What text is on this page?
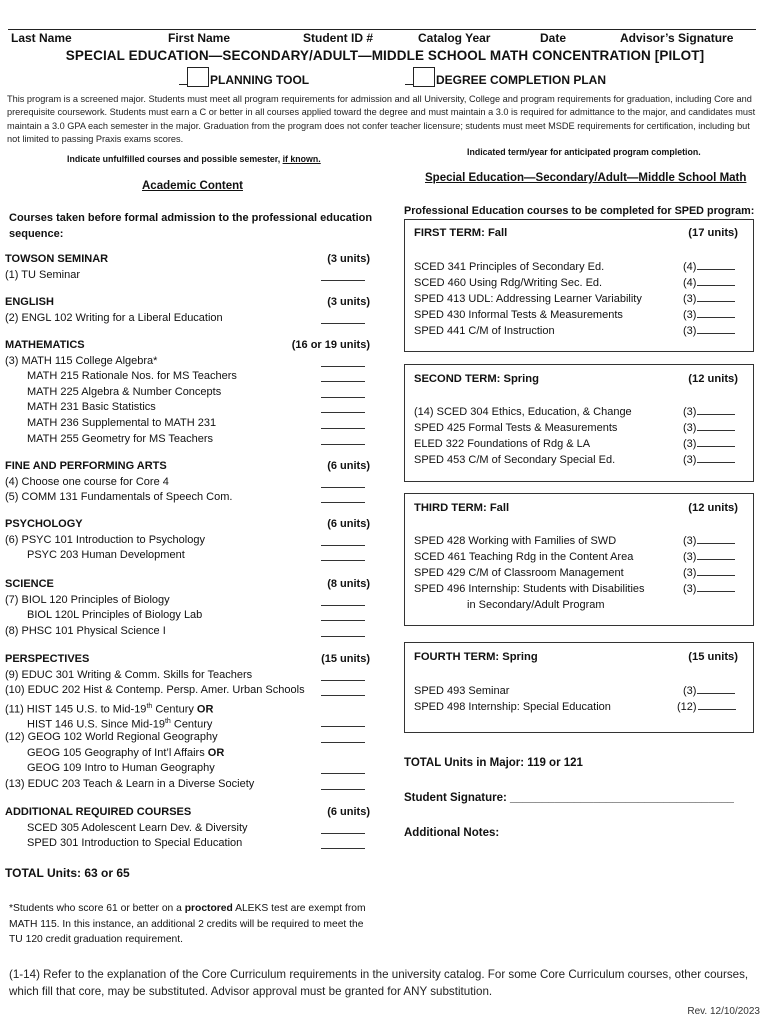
Last Name	First Name	Student ID #	Catalog Year	Date	Advisor’s Signature
SPECIAL EDUCATION—SECONDARY/ADULT—MIDDLE SCHOOL MATH CONCENTRATION [PILOT]
PLANNING TOOL	DEGREE COMPLETION PLAN
This program is a screened major. Students must meet all program requirements for admission and all University, College and program requirements for graduation, including Core and prerequisite coursework. Students must earn a C or better in all courses applied toward the degree and must maintain a 3.0 is required for admittance to the major, and candidates must maintain a 3.0 GPA each semester in the major. Graduation from the program does not confer teacher licensure; students must meet MSDE requirements for certification, including but not limited to passing Praxis exams scores.
Indicate unfulfilled courses and possible semester, if known.
Indicated term/year for anticipated program completion.
Academic Content
Courses taken before formal admission to the professional education
sequence:
TOWSON SEMINAR	(3 units)
(1) TU Seminar
ENGLISH	(3 units)
(2) ENGL 102 Writing for a Liberal Education
MATHEMATICS	(16 or 19 units)
(3) MATH 115 College Algebra*
MATH 215 Rationale Nos. for MS Teachers
MATH 225 Algebra & Number Concepts
MATH 231 Basic Statistics
MATH 236 Supplemental to MATH 231
MATH 255 Geometry for MS Teachers
FINE AND PERFORMING ARTS	(6 units)
(4) Choose one course for Core 4
(5) COMM 131 Fundamentals of Speech Com.
PSYCHOLOGY	(6 units)
(6) PSYC 101 Introduction to Psychology
PSYC 203 Human Development
SCIENCE	(8 units)
(7) BIOL 120 Principles of Biology
BIOL 120L Principles of Biology Lab
(8) PHSC 101 Physical Science I
PERSPECTIVES	(15 units)
(9) EDUC 301 Writing & Comm. Skills for Teachers
(10) EDUC 202 Hist & Contemp. Persp. Amer. Urban Schools
(11) HIST 145 U.S. to Mid-19th Century OR
HIST 146 U.S. Since Mid-19th Century
(12) GEOG 102 World Regional Geography
GEOG 105 Geography of Int’l Affairs OR
GEOG 109 Intro to Human Geography
(13) EDUC 203 Teach & Learn in a Diverse Society
ADDITIONAL REQUIRED COURSES	(6 units)
SCED 305 Adolescent Learn Dev. & Diversity
SPED 301 Introduction to Special Education
TOTAL Units: 63 or 65
*Students who score 61 or better on a proctored ALEKS test are exempt from MATH 115. In this instance, an additional 2 credits will be required to meet the TU 120 credit graduation requirement.
Special Education—Secondary/Adult—Middle School Math
Professional Education courses to be completed for SPED program:
FIRST TERM: Fall	(17 units)
SCED 341 Principles of Secondary Ed.	(4)
SCED 460 Using Rdg/Writing Sec. Ed.	(4)
SPED 413 UDL: Addressing Learner Variability	(3)
SPED 430 Informal Tests & Measurements	(3)
SPED 441 C/M of Instruction	(3)
SECOND TERM: Spring	(12 units)
(14) SCED 304 Ethics, Education, & Change	(3)
SPED 425 Formal Tests & Measurements	(3)
ELED 322 Foundations of Rdg & LA	(3)
SPED 453 C/M of Secondary Special Ed.	(3)
THIRD TERM: Fall	(12 units)
SPED 428 Working with Families of SWD	(3)
SCED 461 Teaching Rdg in the Content Area	(3)
SPED 429 C/M of Classroom Management	(3)
SPED 496 Internship: Students with Disabilities	(3)
in Secondary/Adult Program
FOURTH TERM: Spring	(15 units)
SPED 493 Seminar	(3)
SPED 498 Internship: Special Education	(12)
TOTAL Units in Major: 119 or 121
Student Signature: ___________________________________
Additional Notes:
(1-14) Refer to the explanation of the Core Curriculum requirements in the university catalog. For some Core Curriculum courses, other courses, which fill that core, may be substituted. Advisor approval must be granted for ANY substitution.
Rev. 12/10/2023
